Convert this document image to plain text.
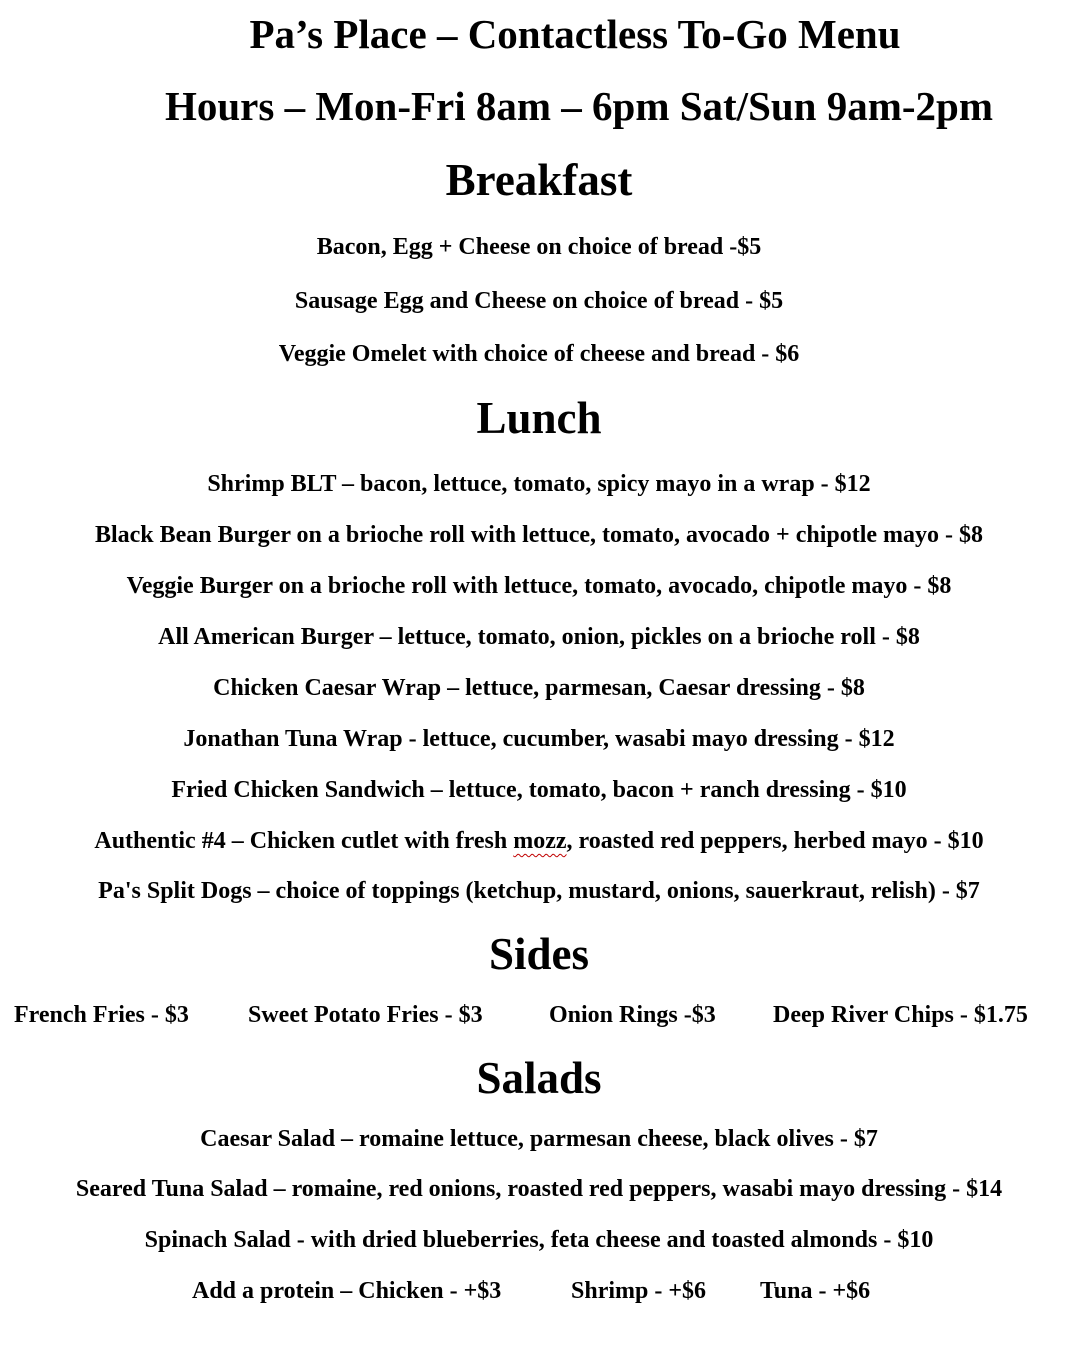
Pa’s Place – Contactless To-Go Menu
Hours – Mon-Fri 8am – 6pm Sat/Sun 9am-2pm
Breakfast
Bacon, Egg + Cheese on choice of bread -$5
Sausage Egg and Cheese on choice of bread - $5
Veggie Omelet with choice of cheese and bread - $6
Lunch
Shrimp BLT – bacon, lettuce, tomato, spicy mayo in a wrap - $12
Black Bean Burger on a brioche roll with lettuce, tomato, avocado + chipotle mayo - $8
Veggie Burger on a brioche roll with lettuce, tomato, avocado, chipotle mayo - $8
All American Burger – lettuce, tomato, onion, pickles on a brioche roll - $8
Chicken Caesar Wrap – lettuce, parmesan, Caesar dressing - $8
Jonathan Tuna Wrap - lettuce, cucumber, wasabi mayo dressing - $12
Fried Chicken Sandwich – lettuce, tomato, bacon + ranch dressing - $10
Authentic #4 – Chicken cutlet with fresh mozz, roasted red peppers, herbed mayo - $10
Pa's Split Dogs – choice of toppings (ketchup, mustard, onions, sauerkraut, relish) - $7
Sides
French Fries - $3 Sweet Potato Fries - $3	Onion Rings -$3 Deep River Chips - $1.75
Salads
Caesar Salad – romaine lettuce, parmesan cheese, black olives - $7
Seared Tuna Salad – romaine, red onions, roasted red peppers, wasabi mayo dressing - $14
Spinach Salad - with dried blueberries, feta cheese and toasted almonds - $10
Add a protein – Chicken - +$3	Shrimp - +$6 Tuna - +$6
